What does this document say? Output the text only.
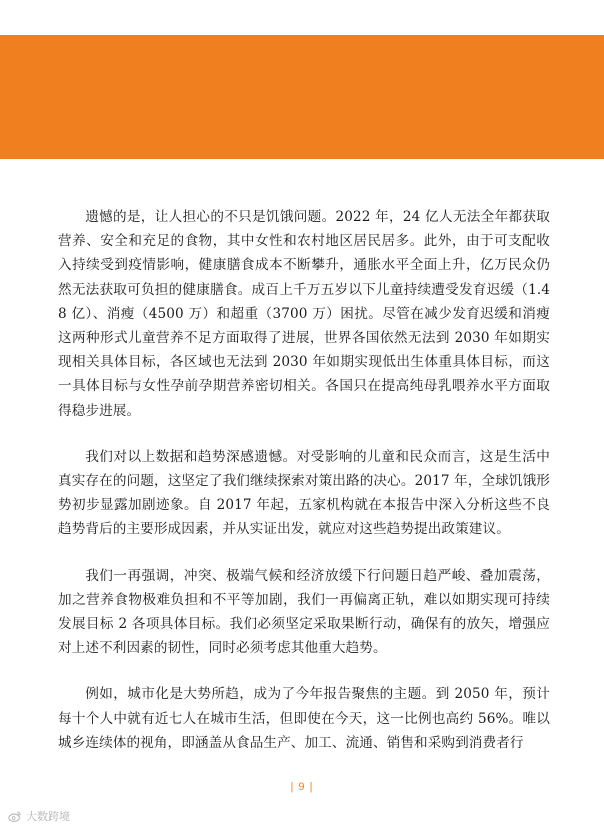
遗憾的是，让人担心的不只是饥饿问题。2022 年，24 亿人无法全年都获取营养、安全和充足的食物，其中女性和农村地区居民居多。此外，由于可支配收入持续受到疫情影响，健康膳食成本不断攀升，通胀水平全面上升，亿万民众仍然无法获取可负担的健康膳食。成百上千万五岁以下儿童持续遭受发育迟缓（1.48 亿）、消瘦（4500 万）和超重（3700 万）困扰。尽管在减少发育迟缓和消瘦这两种形式儿童营养不足方面取得了进展，世界各国依然无法到 2030 年如期实现相关具体目标，各区域也无法到 2030 年如期实现低出生体重具体目标，而这一具体目标与女性孕前孕期营养密切相关。各国只在提高纯母乳喂养水平方面取得稳步进展。

我们对以上数据和趋势深感遗憾。对受影响的儿童和民众而言，这是生活中真实存在的问题，这坚定了我们继续探索对策出路的决心。2017 年，全球饥饿形势初步显露加剧迹象。自 2017 年起，五家机构就在本报告中深入分析这些不良趋势背后的主要形成因素，并从实证出发，就应对这些趋势提出政策建议。

我们一再强调，冲突、极端气候和经济放缓下行问题日趋严峻、叠加震荡，加之营养食物极难负担和不平等加剧，我们一再偏离正轨，难以如期实现可持续发展目标 2 各项具体目标。我们必须坚定采取果断行动，确保有的放矢，增强应对上述不利因素的韧性，同时必须考虑其他重大趋势。

例如，城市化是大势所趋，成为了今年报告聚焦的主题。到 2050 年，预计每十个人中就有近七人在城市生活，但即使在今天，这一比例也高约 56%。唯以城乡连续体的视角，即涵盖从食品生产、加工、流通、销售和采购到消费者行

| 9 |
大数跨境
